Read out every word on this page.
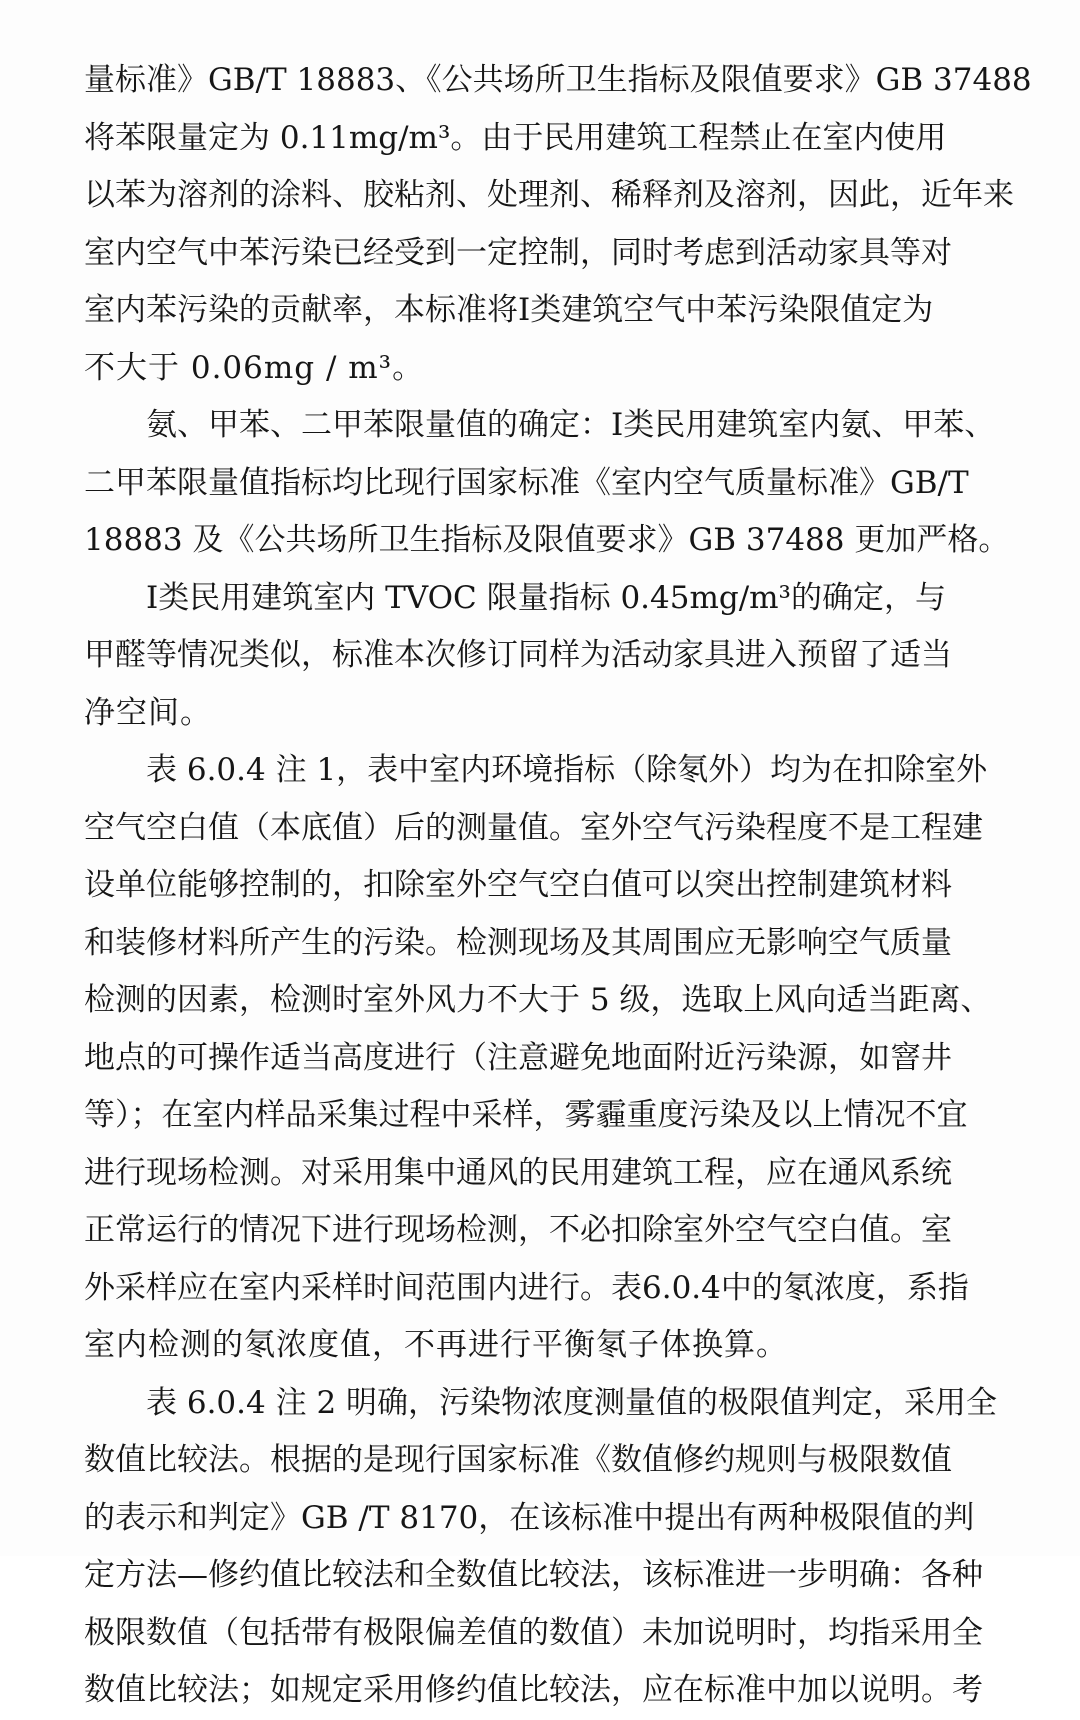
量标准》GB/T 18883、《公共场所卫生指标及限值要求》GB 37488
将苯限量定为 0.11mg/m³。由于民用建筑工程禁止在室内使用
以苯为溶剂的涂料、胶粘剂、处理剂、稀释剂及溶剂，因此，近年来
室内空气中苯污染已经受到一定控制，同时考虑到活动家具等对
室内苯污染的贡献率，本标准将Ⅰ类建筑空气中苯污染限值定为
不大于 0.06mg / m³。
氨、甲苯、二甲苯限量值的确定：Ⅰ类民用建筑室内氨、甲苯、
二甲苯限量值指标均比现行国家标准《室内空气质量标准》GB/T
18883 及《公共场所卫生指标及限值要求》GB 37488 更加严格。
Ⅰ类民用建筑室内 TVOC 限量指标 0.45mg/m³的确定，与
甲醛等情况类似，标准本次修订同样为活动家具进入预留了适当
净空间。
表 6.0.4 注 1，表中室内环境指标（除氡外）均为在扣除室外
空气空白值（本底值）后的测量值。室外空气污染程度不是工程建
设单位能够控制的，扣除室外空气空白值可以突出控制建筑材料
和装修材料所产生的污染。检测现场及其周围应无影响空气质量
检测的因素，检测时室外风力不大于 5 级，选取上风向适当距离、
地点的可操作适当高度进行（注意避免地面附近污染源，如窨井
等）；在室内样品采集过程中采样，雾霾重度污染及以上情况不宜
进行现场检测。对采用集中通风的民用建筑工程，应在通风系统
正常运行的情况下进行现场检测，不必扣除室外空气空白值。室
外采样应在室内采样时间范围内进行。表6.0.4中的氡浓度，系指
室内检测的氡浓度值，不再进行平衡氡子体换算。
表 6.0.4 注 2 明确，污染物浓度测量值的极限值判定，采用全
数值比较法。根据的是现行国家标准《数值修约规则与极限数值
的表示和判定》GB /T 8170，在该标准中提出有两种极限值的判
定方法—修约值比较法和全数值比较法，该标准进一步明确：各种
极限数值（包括带有极限偏差值的数值）未加说明时，均指采用全
数值比较法；如规定采用修约值比较法，应在标准中加以说明。考
